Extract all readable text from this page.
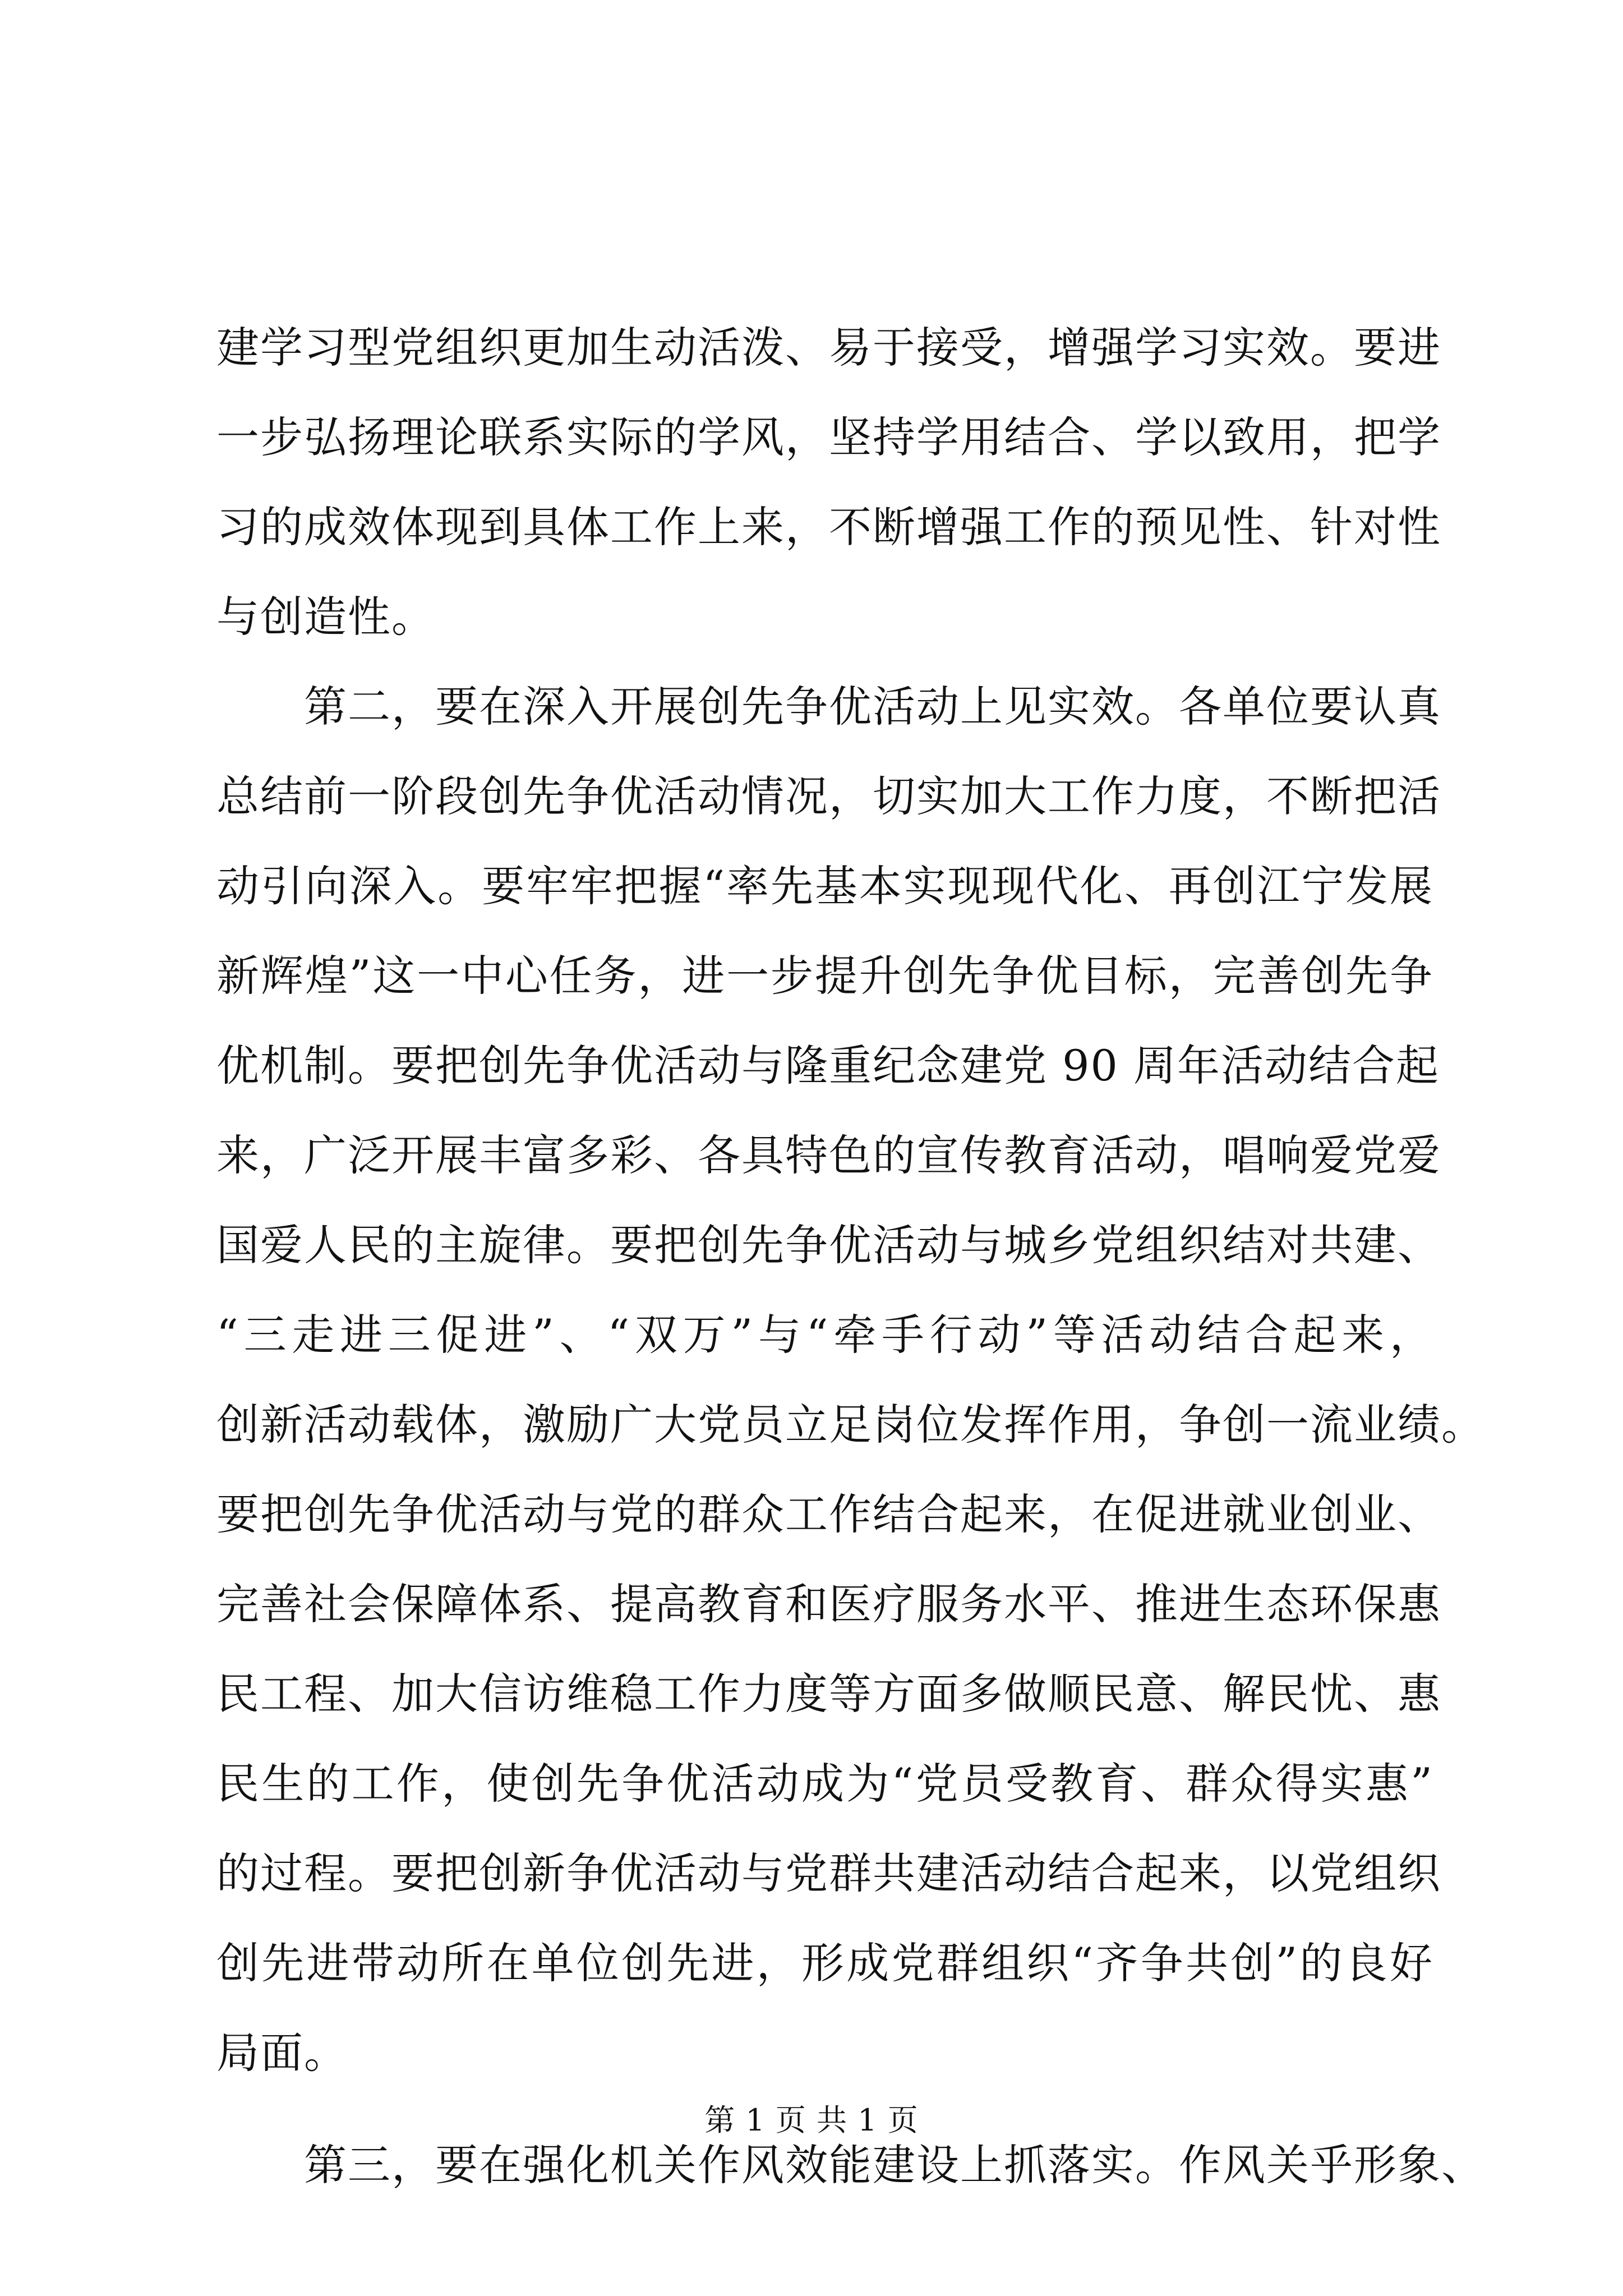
建学习型党组织更加生动活泼、易于接受，增强学习实效。要进
一步弘扬理论联系实际的学风，坚持学用结合、学以致用，把学
习的成效体现到具体工作上来，不断增强工作的预见性、针对性
与创造性。
　　第二，要在深入开展创先争优活动上见实效。各单位要认真
总结前一阶段创先争优活动情况，切实加大工作力度，不断把活
动引向深入。要牢牢把握“率先基本实现现代化、再创江宁发展
新辉煌”这一中心任务，进一步提升创先争优目标，完善创先争
优机制。要把创先争优活动与隆重纪念建党 90 周年活动结合起
来，广泛开展丰富多彩、各具特色的宣传教育活动，唱响爱党爱
国爱人民的主旋律。要把创先争优活动与城乡党组织结对共建、
“三走进三促进”、“双万”与“牵手行动”等活动结合起来，
创新活动载体，激励广大党员立足岗位发挥作用，争创一流业绩。
要把创先争优活动与党的群众工作结合起来，在促进就业创业、
完善社会保障体系、提高教育和医疗服务水平、推进生态环保惠
民工程、加大信访维稳工作力度等方面多做顺民意、解民忧、惠
民生的工作，使创先争优活动成为“党员受教育、群众得实惠”
的过程。要把创新争优活动与党群共建活动结合起来，以党组织
创先进带动所在单位创先进，形成党群组织“齐争共创”的良好
局面。
　　第三，要在强化机关作风效能建设上抓落实。作风关乎形象、
第 1 页 共 1 页
